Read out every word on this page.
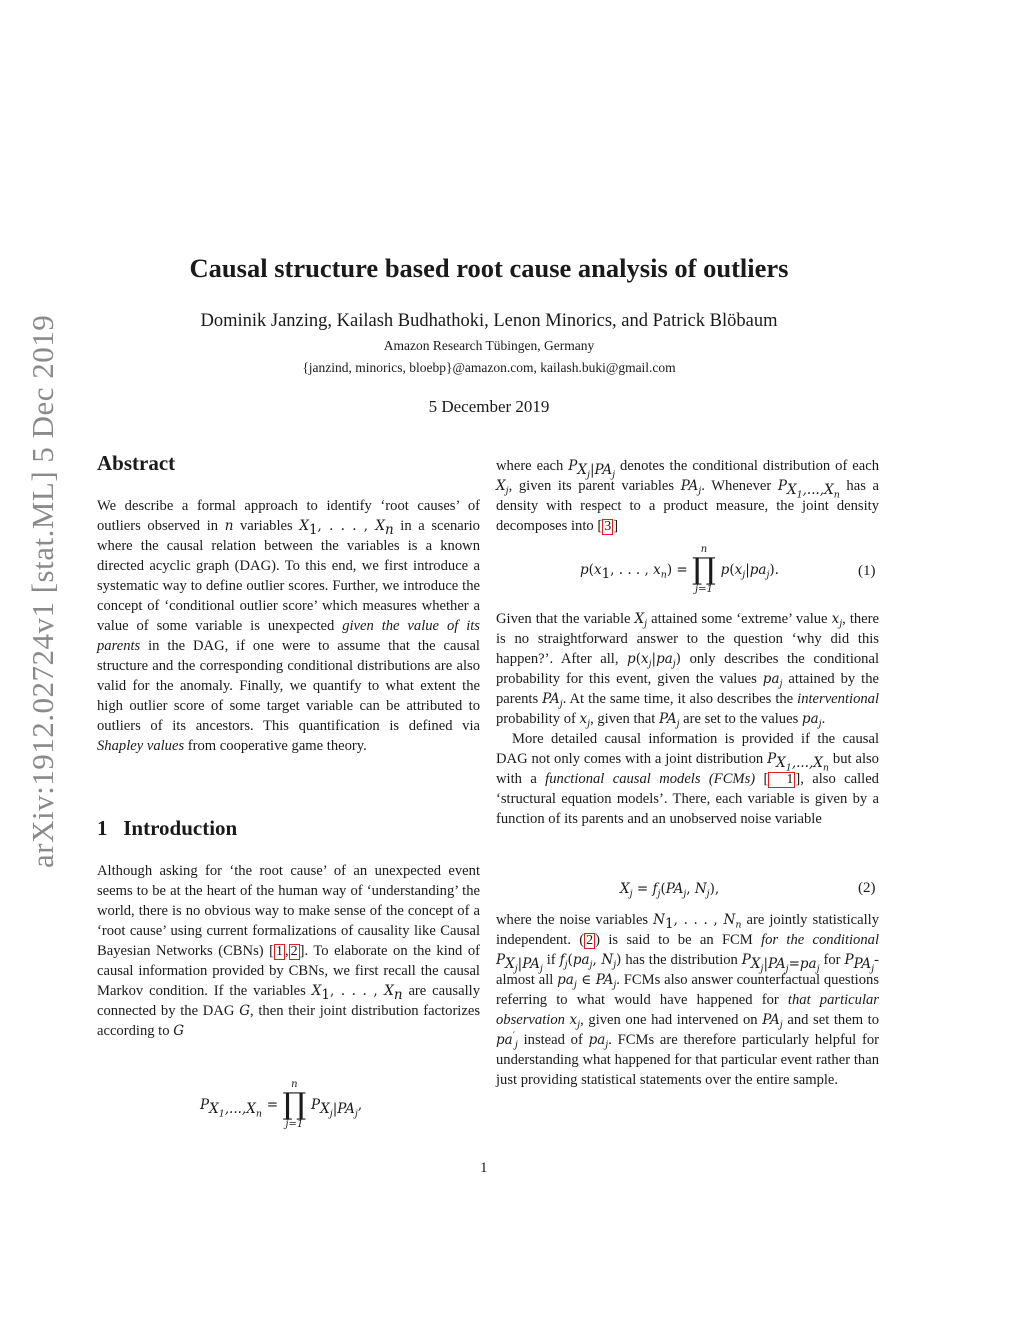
arXiv:1912.02724v1 [stat.ML] 5 Dec 2019
Causal structure based root cause analysis of outliers
Dominik Janzing, Kailash Budhathoki, Lenon Minorics, and Patrick Blöbaum
Amazon Research Tübingen, Germany
{janzind, minorics, bloebp}@amazon.com, kailash.buki@gmail.com
5 December 2019
Abstract

We describe a formal approach to identify ‘root causes’ of outliers observed in n variables $X_1$, . . . , $X_n$ in a scenario where the causal relation between the variables is a known directed acyclic graph (DAG). To this end, we first introduce a systematic way to define outlier scores. Further, we introduce the concept of ‘conditional outlier score’ which measures whether a value of some variable is unexpected given the value of its parents in the DAG, if one were to assume that the causal structure and the corresponding conditional distributions are also valid for the anomaly. Finally, we quantify to what extent the high outlier score of some target variable can be attributed to outliers of its ancestors. This quantification is defined via Shapley values from cooperative game theory.

1 Introduction

Although asking for ‘the root cause’ of an unexpected event seems to be at the heart of the human way of ‘understanding’ the world, there is no obvious way to make sense of the concept of a ‘root cause’ using current formalizations of causality like Causal Bayesian Networks (CBNs) [ 1 , 2 ]. To elaborate on the kind of causal information provided by CBNs, we first recall the causal Markov condition. If the variables $X_1$, . . . , $X_n$ are causally connected by the DAG G, then their joint distribution factorizes according to G

$P_{X_1,...,X_n}$ =
n
∏
j=1
$P_{X_j|PA_j}$,

where each $P_{X_j|PA_j}$ denotes the conditional distribution of each $X_j$, given its parent variables $PA_j$. Whenever $P_{X_1,...,X_n}$ has a density with respect to a product measure, the joint density decomposes into [ 3 ]

$p(x_1$, . . . , $x_n$) =
n
∏
j=1
$p(x_j|pa_j)$.	(1)

Given that the variable $X_j$ attained some ‘extreme’ value $x_j$, there is no straightforward answer to the question ‘why did this happen?’. After all, $p(x_j|pa_j)$ only describes the conditional probability for this event, given the values $pa_j$ attained by the parents $PA_j$. At the same time, it also describes the interventional probability of $x_j$, given that $PA_j$ are set to the values $pa_j$.

More detailed causal information is provided if the causal DAG not only comes with a joint distribution $P_{X_1,...,X_n}$ but also with a functional causal models (FCMs) [ 1 ], also called ‘structural equation models’. There, each variable is given by a function of its parents and an unobserved noise variable

$X_j = f_j(PA_j$, $N_j$),	(2)

where the noise variables $N_1$, . . . , $N_n$ are jointly statistically independent. ( 2 ) is said to be an FCM for the conditional $P_{X_j|PA_j}$ if $f_j(pa_j$, $N_j$) has the distribution $P_{X_j|PA_j=pa_j}$ for $P_{PA_j}$-almost all $pa_j$ ∈ $PA_j$. FCMs also answer counterfactual questions referring to what would have happened for that particular observation $x_j$, given one had intervened on $PA_j$ and set them to $pa'_j$ instead of $pa_j$. FCMs are therefore particularly helpful for understanding what happened for that particular event rather than just providing statistical statements over the entire sample.

1
